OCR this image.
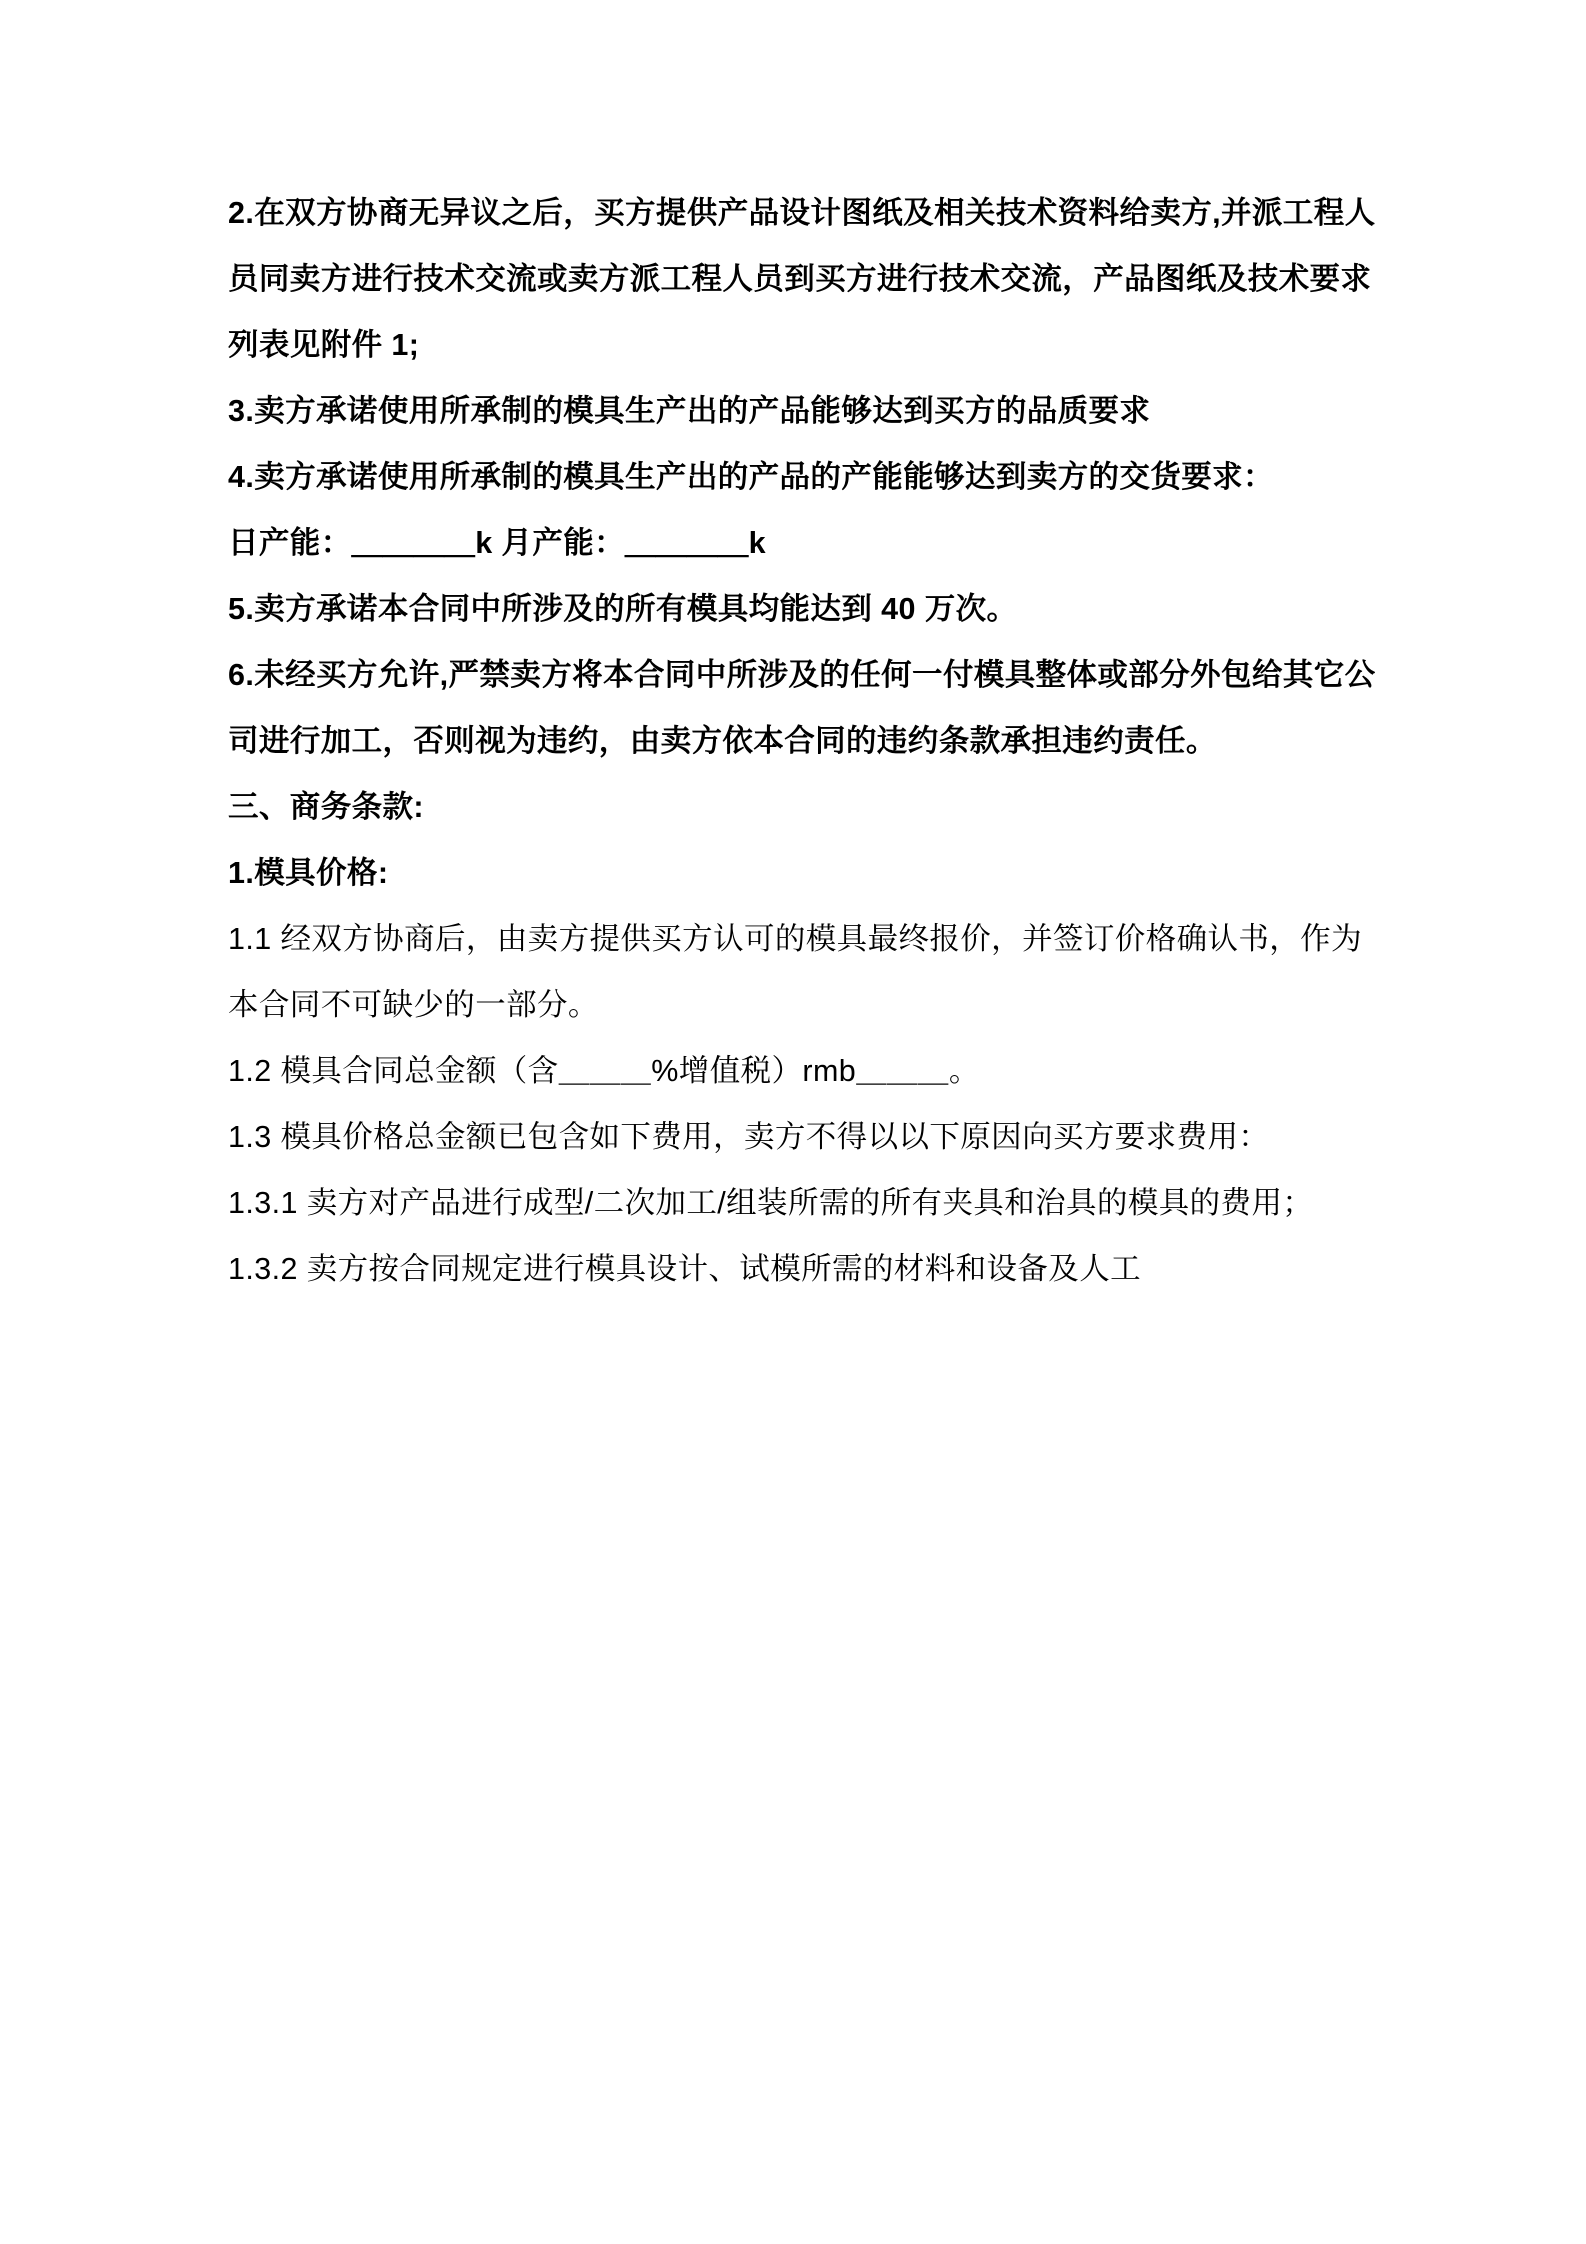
2.在双方协商无异议之后，买方提供产品设计图纸及相关技术资料给卖方,并派工程人员同卖方进行技术交流或卖方派工程人员到买方进行技术交流，产品图纸及技术要求列表见附件 1;

3.卖方承诺使用所承制的模具生产出的产品能够达到买方的品质要求

4.卖方承诺使用所承制的模具生产出的产品的产能能够达到卖方的交货要求：

日产能：＿＿＿＿k 月产能：＿＿＿＿k

5.卖方承诺本合同中所涉及的所有模具均能达到 40 万次。

6.未经买方允许,严禁卖方将本合同中所涉及的任何一付模具整体或部分外包给其它公司进行加工，否则视为违约，由卖方依本合同的违约条款承担违约责任。

三、商务条款:

1.模具价格:

1.1 经双方协商后，由卖方提供买方认可的模具最终报价，并签订价格确认书，作为本合同不可缺少的一部分。

1.2 模具合同总金额（含＿＿＿%增值税）rmb＿＿＿。

1.3 模具价格总金额已包含如下费用，卖方不得以以下原因向买方要求费用：

1.3.1 卖方对产品进行成型/二次加工/组装所需的所有夹具和治具的模具的费用；

1.3.2 卖方按合同规定进行模具设计、试模所需的材料和设备及人工
